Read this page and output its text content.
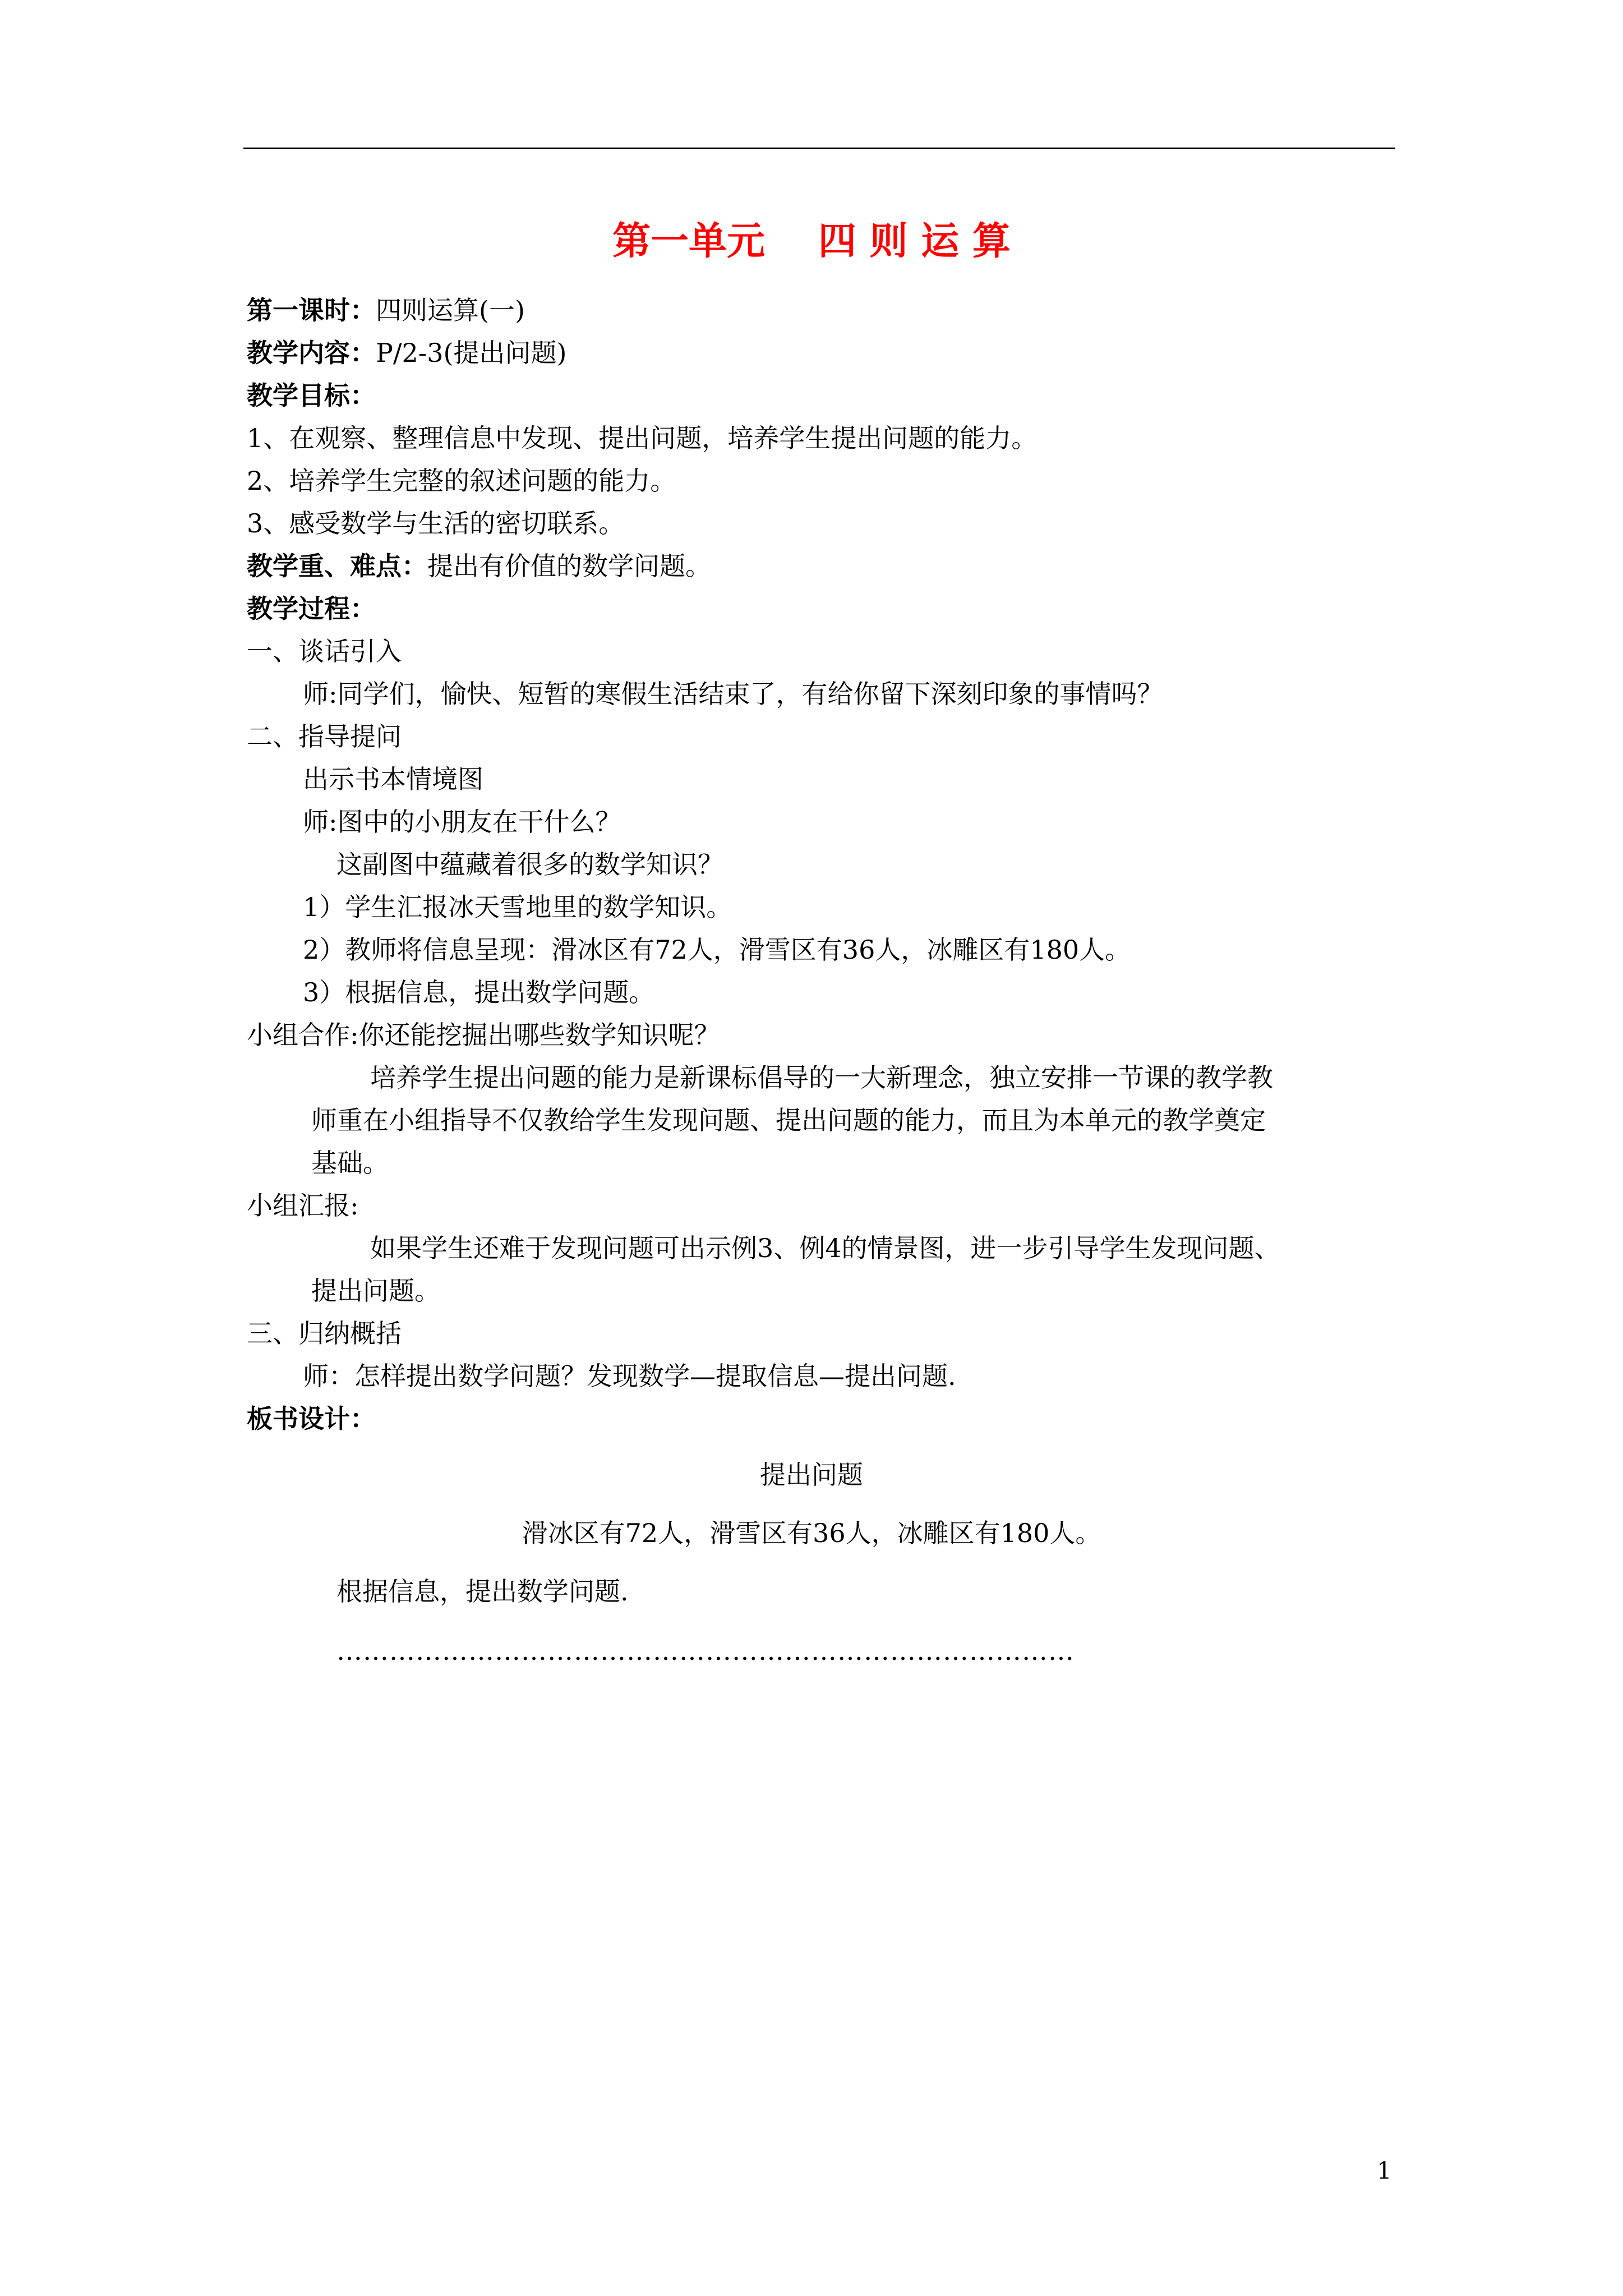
第一单元    四 则 运 算
第一课时：四则运算(一)
教学内容：P/2-3(提出问题)
教学目标：
1、在观察、整理信息中发现、提出问题，培养学生提出问题的能力。
2、培养学生完整的叙述问题的能力。
3、感受数学与生活的密切联系。
教学重、难点：提出有价值的数学问题。
教学过程：
一、谈话引入
师:同学们，愉快、短暂的寒假生活结束了，有给你留下深刻印象的事情吗？
二、指导提问
出示书本情境图
师:图中的小朋友在干什么？
这副图中蕴藏着很多的数学知识？
1）学生汇报冰天雪地里的数学知识。
2）教师将信息呈现：滑冰区有72人，滑雪区有36人，冰雕区有180人。
3）根据信息，提出数学问题。
小组合作:你还能挖掘出哪些数学知识呢？
培养学生提出问题的能力是新课标倡导的一大新理念，独立安排一节课的教学教
师重在小组指导不仅教给学生发现问题、提出问题的能力，而且为本单元的教学奠定
基础。
小组汇报:
如果学生还难于发现问题可出示例3、例4的情景图，进一步引导学生发现问题、
提出问题。
三、归纳概括
师：怎样提出数学问题？发现数学—提取信息—提出问题.
板书设计：
提出问题
滑冰区有72人，滑雪区有36人，冰雕区有180人。
根据信息，提出数学问题.
…………………………………………………………………………
1
